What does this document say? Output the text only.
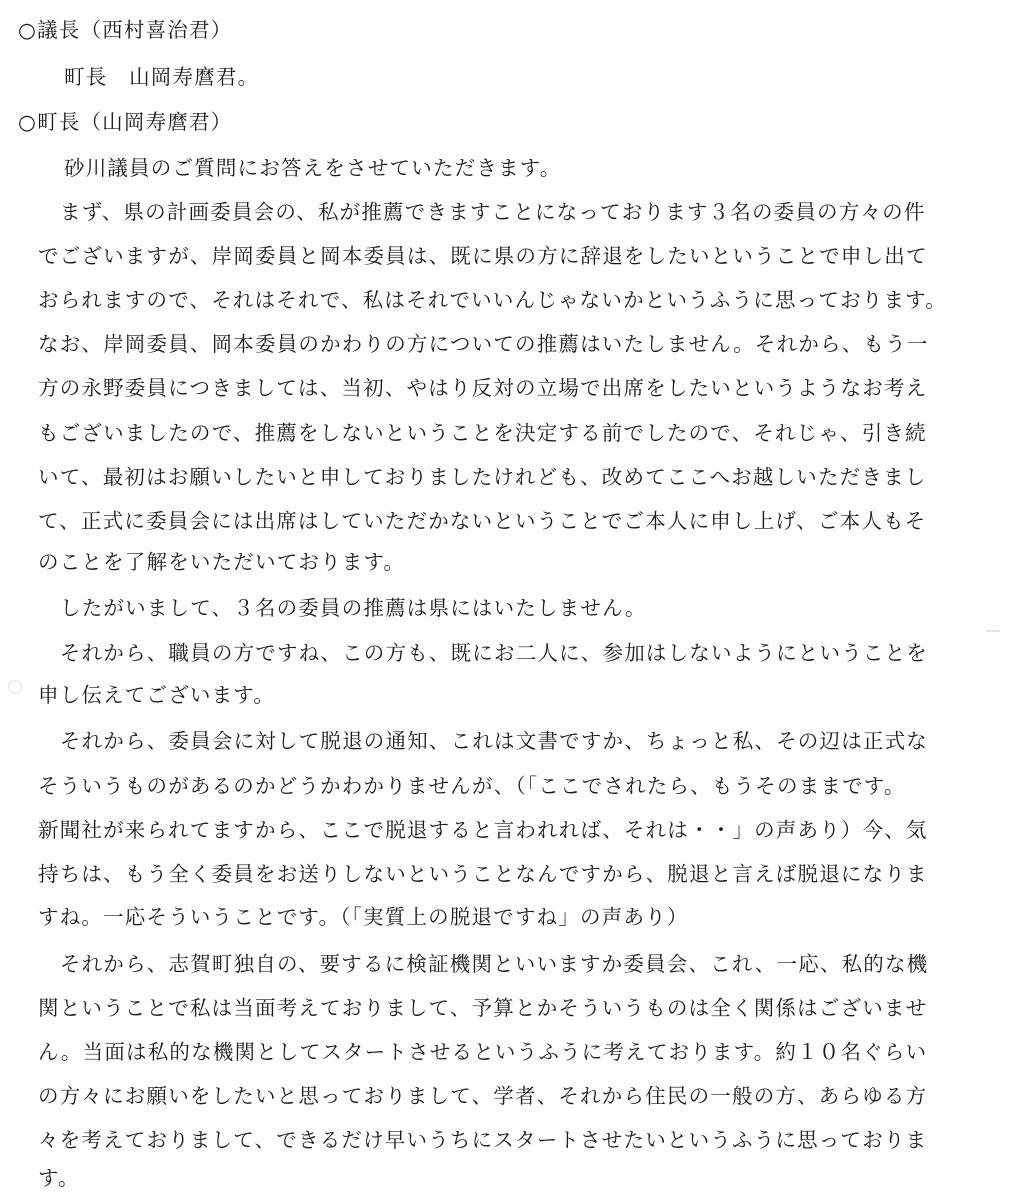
○議長（西村喜治君）
町長　山岡寿麿君。
○町長（山岡寿麿君）
砂川議員のご質問にお答えをさせていただきます。
まず、県の計画委員会の、私が推薦できますことになっております３名の委員の方々の件
でございますが、岸岡委員と岡本委員は、既に県の方に辞退をしたいということで申し出て
おられますので、それはそれで、私はそれでいいんじゃないかというふうに思っております。
なお、岸岡委員、岡本委員のかわりの方についての推薦はいたしません。それから、もう一
方の永野委員につきましては、当初、やはり反対の立場で出席をしたいというようなお考え
もございましたので、推薦をしないということを決定する前でしたので、それじゃ、引き続
いて、最初はお願いしたいと申しておりましたけれども、改めてここへお越しいただきまし
て、正式に委員会には出席はしていただかないということでご本人に申し上げ、ご本人もそ
のことを了解をいただいております。
したがいまして、３名の委員の推薦は県にはいたしません。
それから、職員の方ですね、この方も、既にお二人に、参加はしないようにということを
申し伝えてございます。
それから、委員会に対して脱退の通知、これは文書ですか、ちょっと私、その辺は正式な
そういうものがあるのかどうかわかりませんが、（「ここでされたら、もうそのままです。
新聞社が来られてますから、ここで脱退すると言われれば、それは・・」の声あり）今、気
持ちは、もう全く委員をお送りしないということなんですから、脱退と言えば脱退になりま
すね。一応そういうことです。（「実質上の脱退ですね」の声あり）
それから、志賀町独自の、要するに検証機関といいますか委員会、これ、一応、私的な機
関ということで私は当面考えておりまして、予算とかそういうものは全く関係はございませ
ん。当面は私的な機関としてスタートさせるというふうに考えております。約１０名ぐらい
の方々にお願いをしたいと思っておりまして、学者、それから住民の一般の方、あらゆる方
々を考えておりまして、できるだけ早いうちにスタートさせたいというふうに思っておりま
す。
